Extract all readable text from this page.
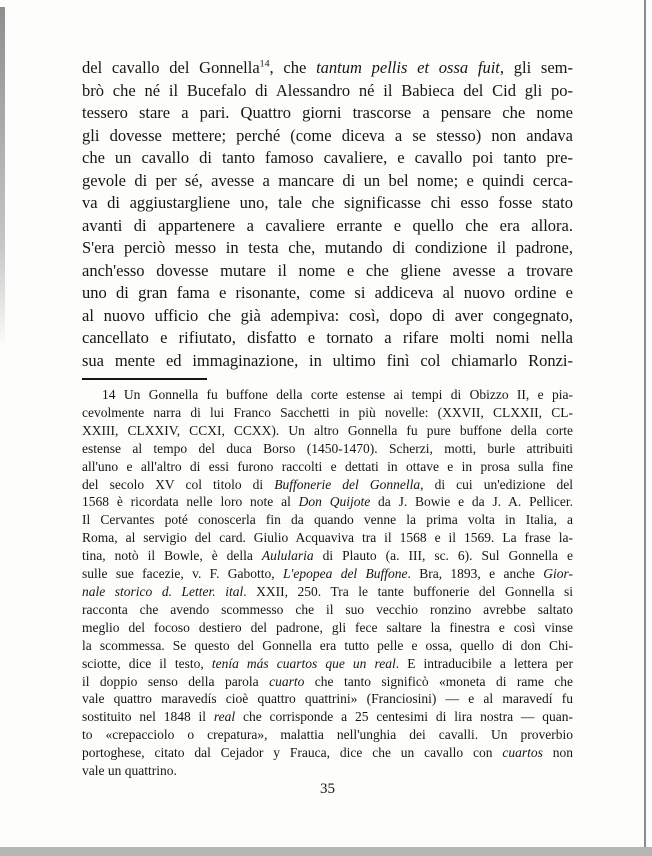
del cavallo del Gonnella$^{14}$, che tantum pellis et ossa fuit, gli sem-
brò che né il Bucefalo di Alessandro né il Babieca del Cid gli po-
tessero stare a pari. Quattro giorni trascorse a pensare che nome
gli dovesse mettere; perché (come diceva a se stesso) non andava
che un cavallo di tanto famoso cavaliere, e cavallo poi tanto pre-
gevole di per sé, avesse a mancare di un bel nome; e quindi cerca-
va di aggiustargliene uno, tale che significasse chi esso fosse stato
avanti di appartenere a cavaliere errante e quello che era allora.
S'era perciò messo in testa che, mutando di condizione il padrone,
anch'esso dovesse mutare il nome e che gliene avesse a trovare
uno di gran fama e risonante, come si addiceva al nuovo ordine e
al nuovo ufficio che già adempiva: così, dopo di aver congegnato,
cancellato e rifiutato, disfatto e tornato a rifare molti nomi nella
sua mente ed immaginazione, in ultimo finì col chiamarlo Ronzi-
14 Un Gonnella fu buffone della corte estense ai tempi di Obizzo II, e pia-
cevolmente narra di lui Franco Sacchetti in più novelle: (XXVII, CLXXII, CL-
XXIII, CLXXIV, CCXI, CCXX). Un altro Gonnella fu pure buffone della corte
estense al tempo del duca Borso (1450-1470). Scherzi, motti, burle attribuiti
all'uno e all'altro di essi furono raccolti e dettati in ottave e in prosa sulla fine
del secolo XV col titolo di Buffonerie del Gonnella, di cui un'edizione del
1568 è ricordata nelle loro note al Don Quijote da J. Bowie e da J. A. Pellicer.
Il Cervantes poté conoscerla fin da quando venne la prima volta in Italia, a
Roma, al servigio del card. Giulio Acquaviva tra il 1568 e il 1569. La frase la-
tina, notò il Bowle, è della Aulularia di Plauto (a. III, sc. 6). Sul Gonnella e
sulle sue facezie, v. F. Gabotto, L'epopea del Buffone. Bra, 1893, e anche Gior-
nale storico d. Letter. ital. XXII, 250. Tra le tante buffonerie del Gonnella si
racconta che avendo scommesso che il suo vecchio ronzino avrebbe saltato
meglio del focoso destiero del padrone, gli fece saltare la finestra e così vinse
la scommessa. Se questo del Gonnella era tutto pelle e ossa, quello di don Chi-
sciotte, dice il testo, tenía más cuartos que un real. E intraducibile a lettera per
il doppio senso della parola cuarto che tanto significò «moneta di rame che
vale quattro maravedís cioè quattro quattrini» (Franciosini) — e al maravedí fu
sostituito nel 1848 il real che corrisponde a 25 centesimi di lira nostra — quan-
to «crepacciolo o crepatura», malattia nell'unghia dei cavalli. Un proverbio
portoghese, citato dal Cejador y Frauca, dice che un cavallo con cuartos non
vale un quattrino.
35
